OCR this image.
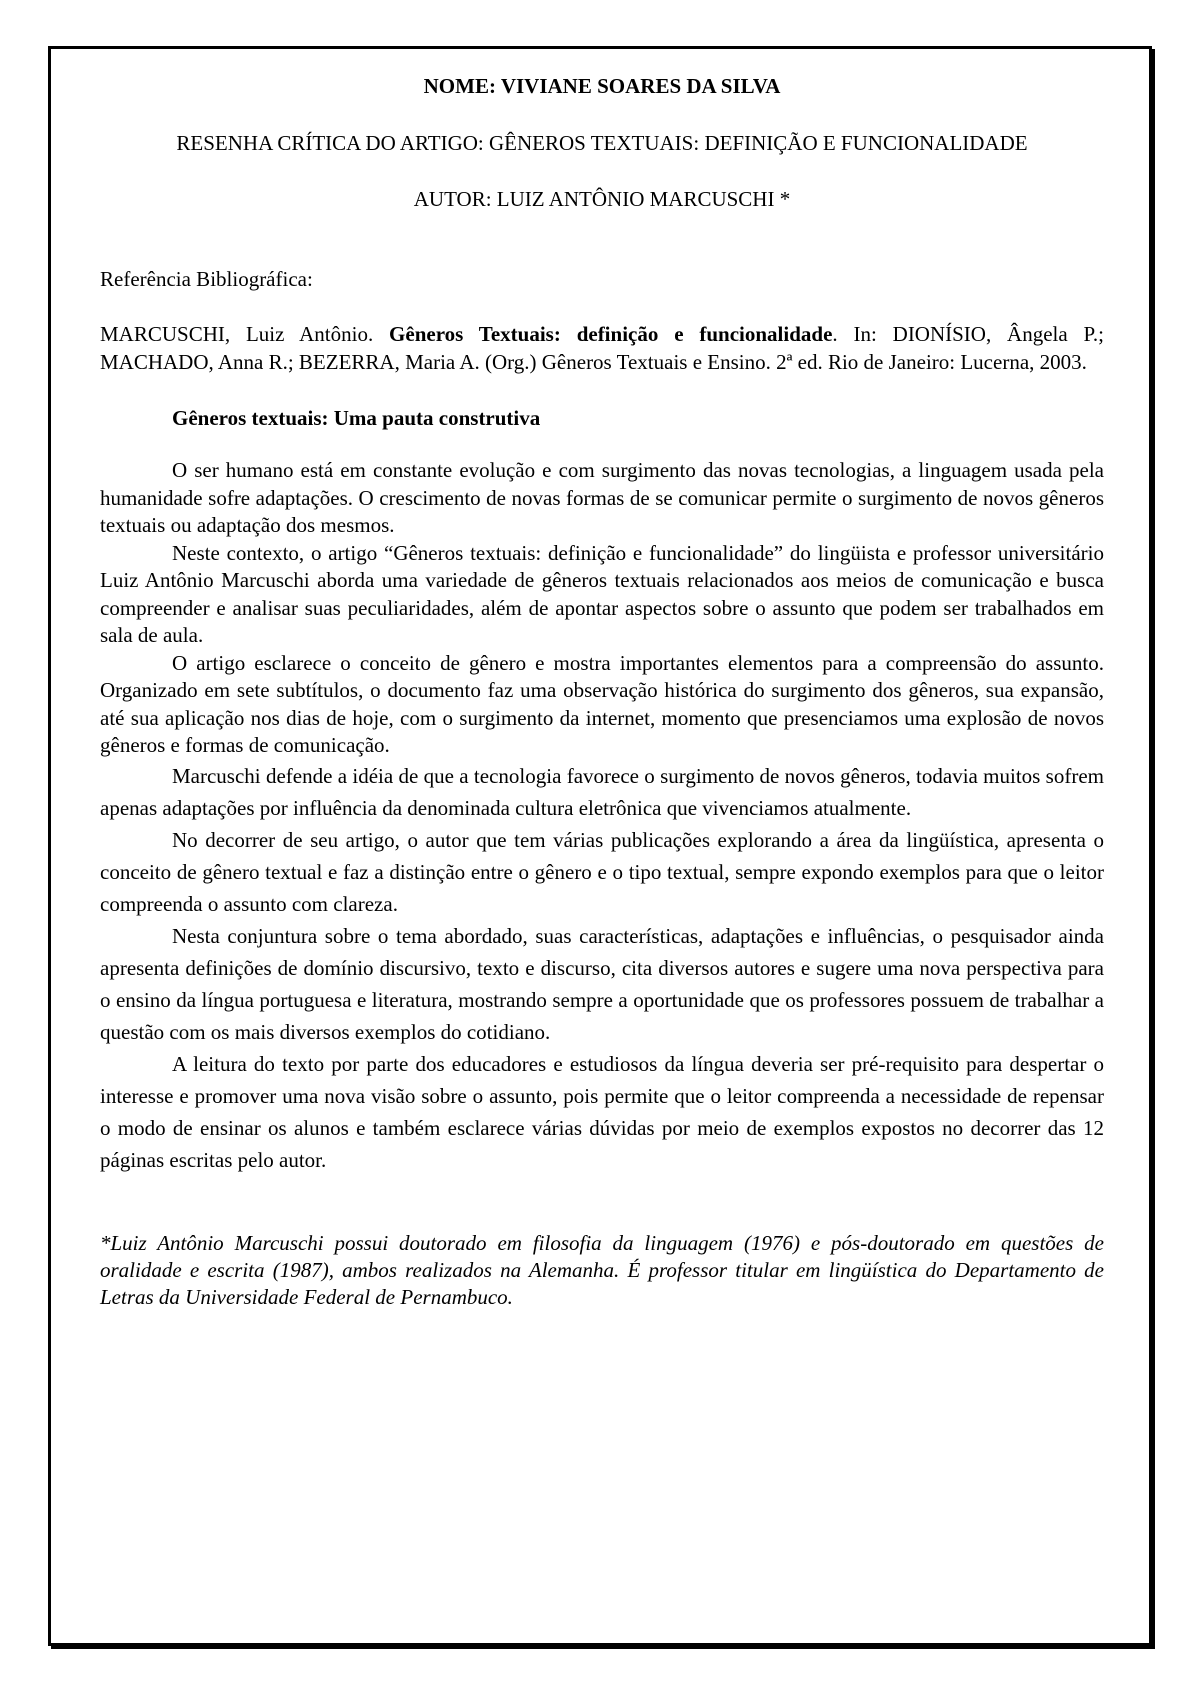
NOME: VIVIANE SOARES DA SILVA
RESENHA CRÍTICA DO ARTIGO: GÊNEROS TEXTUAIS: DEFINIÇÃO E FUNCIONALIDADE
AUTOR: LUIZ ANTÔNIO MARCUSCHI *
Referência Bibliográfica:
MARCUSCHI, Luiz Antônio. Gêneros Textuais: definição e funcionalidade. In: DIONÍSIO, Ângela P.; MACHADO, Anna R.; BEZERRA, Maria A. (Org.) Gêneros Textuais e Ensino. 2ª ed. Rio de Janeiro: Lucerna, 2003.
Gêneros textuais: Uma pauta construtiva

O ser humano está em constante evolução e com surgimento das novas tecnologias, a linguagem usada pela humanidade sofre adaptações. O crescimento de novas formas de se comunicar permite o surgimento de novos gêneros textuais ou adaptação dos mesmos.

Neste contexto, o artigo “Gêneros textuais: definição e funcionalidade” do lingüista e professor universitário Luiz Antônio Marcuschi aborda uma variedade de gêneros textuais relacionados aos meios de comunicação e busca compreender e analisar suas peculiaridades, além de apontar aspectos sobre o assunto que podem ser trabalhados em sala de aula.

O artigo esclarece o conceito de gênero e mostra importantes elementos para a compreensão do assunto. Organizado em sete subtítulos, o documento faz uma observação histórica do surgimento dos gêneros, sua expansão, até sua aplicação nos dias de hoje, com o surgimento da internet, momento que presenciamos uma explosão de novos gêneros e formas de comunicação.

Marcuschi defende a idéia de que a tecnologia favorece o surgimento de novos gêneros, todavia muitos sofrem apenas adaptações por influência da denominada cultura eletrônica que vivenciamos atualmente.

No decorrer de seu artigo, o autor que tem várias publicações explorando a área da lingüística, apresenta o conceito de gênero textual e faz a distinção entre o gênero e o tipo textual, sempre expondo exemplos para que o leitor compreenda o assunto com clareza.

Nesta conjuntura sobre o tema abordado, suas características, adaptações e influências, o pesquisador ainda apresenta definições de domínio discursivo, texto e discurso, cita diversos autores e sugere uma nova perspectiva para o ensino da língua portuguesa e literatura, mostrando sempre a oportunidade que os professores possuem de trabalhar a questão com os mais diversos exemplos do cotidiano.

A leitura do texto por parte dos educadores e estudiosos da língua deveria ser pré-requisito para despertar o interesse e promover uma nova visão sobre o assunto, pois permite que o leitor compreenda a necessidade de repensar o modo de ensinar os alunos e também esclarece várias dúvidas por meio de exemplos expostos no decorrer das 12 páginas escritas pelo autor.

*Luiz Antônio Marcuschi possui doutorado em filosofia da linguagem (1976) e pós-doutorado em questões de oralidade e escrita (1987), ambos realizados na Alemanha. É professor titular em lingüística do Departamento de Letras da Universidade Federal de Pernambuco.
